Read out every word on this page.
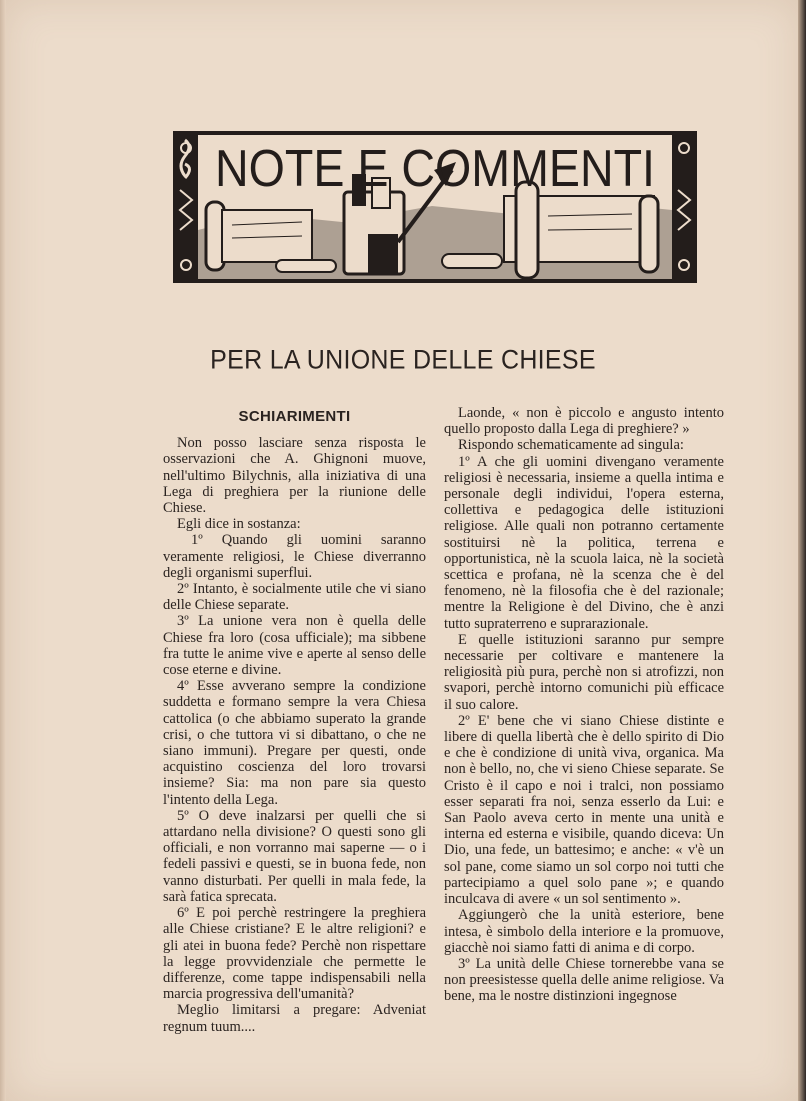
NOTE E COMMENTI
PER LA UNIONE DELLE CHIESE
SCHIARIMENTI

Non posso lasciare senza risposta le osservazioni che A. Ghignoni muove, nell'ultimo Bilychnis, alla iniziativa di una Lega di preghiera per la riunione delle Chiese.

Egli dice in sostanza:

1º Quando gli uomini saranno veramente religiosi, le Chiese diverranno degli organismi superflui.

2º Intanto, è socialmente utile che vi siano delle Chiese separate.

3º La unione vera non è quella delle Chiese fra loro (cosa ufficiale); ma sibbene fra tutte le anime vive e aperte al senso delle cose eterne e divine.

4º Esse avverano sempre la condizione suddetta e formano sempre la vera Chiesa cattolica (o che abbiamo superato la grande crisi, o che tuttora vi si dibattano, o che ne siano immuni). Pregare per questi, onde acquistino coscienza del loro trovarsi insieme? Sia: ma non pare sia questo l'intento della Lega.

5º O deve inalzarsi per quelli che si attardano nella divisione? O questi sono gli officiali, e non vorranno mai saperne — o i fedeli passivi e questi, se in buona fede, non vanno disturbati. Per quelli in mala fede, la sarà fatica sprecata.

6º E poi perchè restringere la preghiera alle Chiese cristiane? E le altre religioni? e gli atei in buona fede? Perchè non rispettare la legge provvidenziale che permette le differenze, come tappe indispensabili nella marcia progressiva dell'umanità?

Meglio limitarsi a pregare: Adveniat regnum tuum....

Laonde, « non è piccolo e angusto intento quello proposto dalla Lega di preghiere? »

Rispondo schematicamente ad singula:

1º A che gli uomini divengano veramente religiosi è necessaria, insieme a quella intima e personale degli individui, l'opera esterna, collettiva e pedagogica delle istituzioni religiose. Alle quali non potranno certamente sostituirsi nè la politica, terrena e opportunistica, nè la scuola laica, nè la società scettica e profana, nè la scenza che è del fenomeno, nè la filosofia che è del razionale; mentre la Religione è del Divino, che è anzi tutto supraterreno e suprarazionale.

E quelle istituzioni saranno pur sempre necessarie per coltivare e mantenere la religiosità più pura, perchè non si atrofizzi, non svapori, perchè intorno comunichi più efficace il suo calore.

2º E' bene che vi siano Chiese distinte e libere di quella libertà che è dello spirito di Dio e che è condizione di unità viva, organica. Ma non è bello, no, che vi sieno Chiese separate. Se Cristo è il capo e noi i tralci, non possiamo esser separati fra noi, senza esserlo da Lui: e San Paolo aveva certo in mente una unità e interna ed esterna e visibile, quando diceva: Un Dio, una fede, un battesimo; e anche: « v'è un sol pane, come siamo un sol corpo noi tutti che partecipiamo a quel solo pane »; e quando inculcava di avere « un sol sentimento ».

Aggiungerò che la unità esteriore, bene intesa, è simbolo della interiore e la promuove, giacchè noi siamo fatti di anima e di corpo.

3º La unità delle Chiese tornerebbe vana se non preesistesse quella delle anime religiose. Va bene, ma le nostre distinzioni ingegnose
